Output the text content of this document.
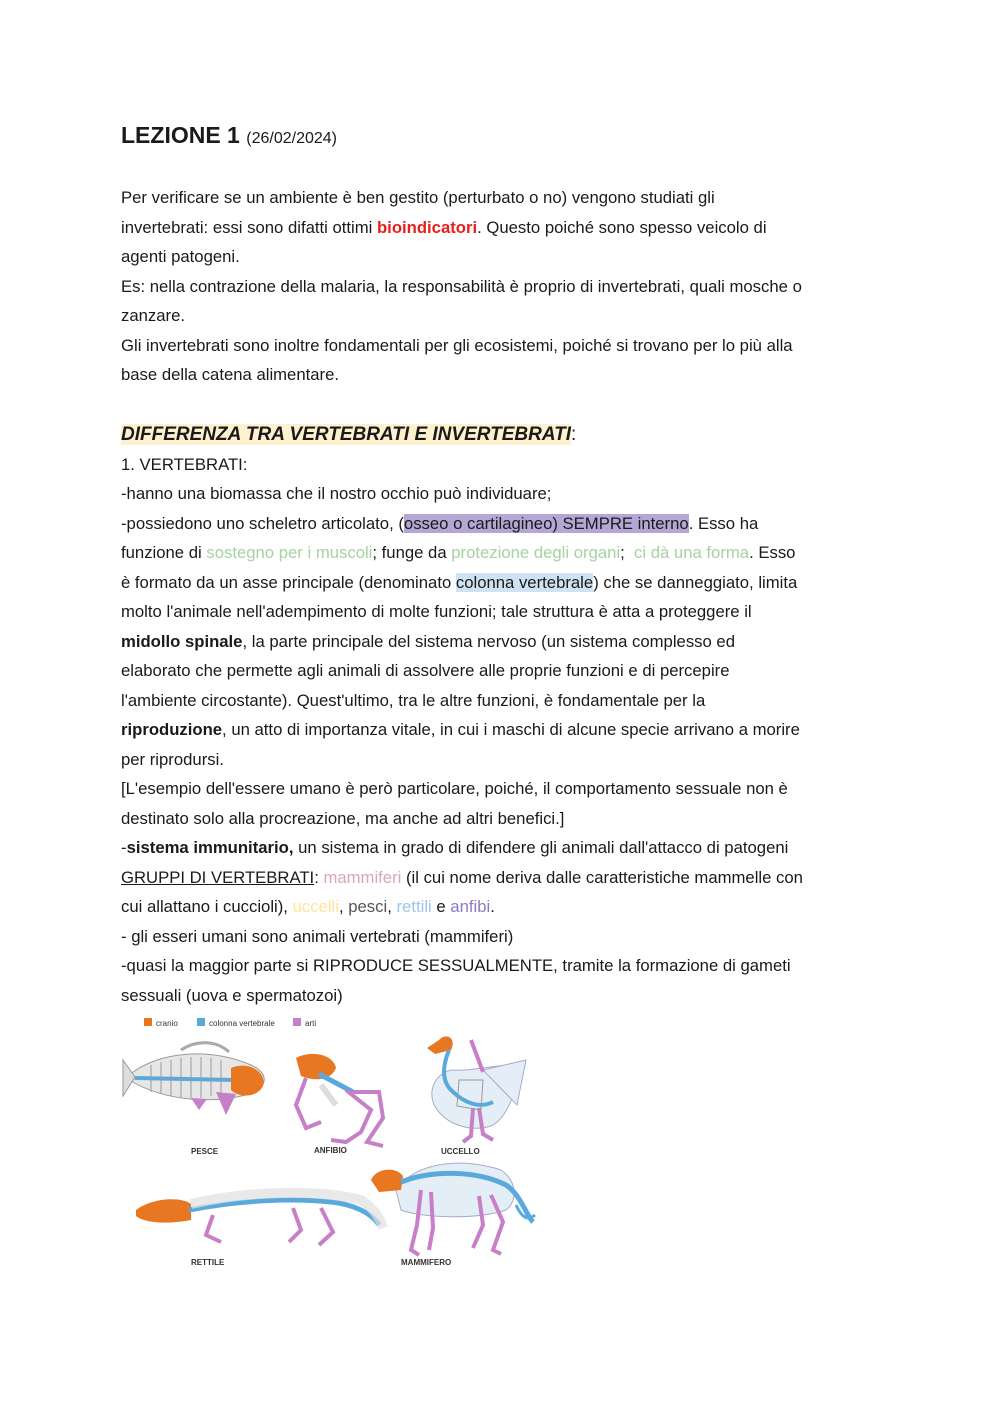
LEZIONE 1 (26/02/2024)

Per verificare se un ambiente è ben gestito (perturbato o no) vengono studiati gli

invertebrati: essi sono difatti ottimi bioindicatori. Questo poiché sono spesso veicolo di

agenti patogeni.

Es: nella contrazione della malaria, la responsabilità è proprio di invertebrati, quali mosche o

zanzare.

Gli invertebrati sono inoltre fondamentali per gli ecosistemi, poiché si trovano per lo più alla

base della catena alimentare.

DIFFERENZA TRA VERTEBRATI E INVERTEBRATI:

1. VERTEBRATI:

-hanno una biomassa che il nostro occhio può individuare;

-possiedono uno scheletro articolato, (osseo o cartilagineo) SEMPRE interno. Esso ha

funzione di sostegno per i muscoli; funge da protezione degli organi;  ci dà una forma. Esso

è formato da un asse principale (denominato colonna vertebrale) che se danneggiato, limita

molto l'animale nell'adempimento di molte funzioni; tale struttura è atta a proteggere il

midollo spinale, la parte principale del sistema nervoso (un sistema complesso ed

elaborato che permette agli animali di assolvere alle proprie funzioni e di percepire

l'ambiente circostante). Quest'ultimo, tra le altre funzioni, è fondamentale per la

riproduzione, un atto di importanza vitale, in cui i maschi di alcune specie arrivano a morire

per riprodursi.

[L'esempio dell'essere umano è però particolare, poiché, il comportamento sessuale non è

destinato solo alla procreazione, ma anche ad altri benefici.]

-sistema immunitario, un sistema in grado di difendere gli animali dall'attacco di patogeni

GRUPPI DI VERTEBRATI: mammiferi (il cui nome deriva dalle caratteristiche mammelle con

cui allattano i cuccioli), uccelli, pesci, rettili e anfibi.

- gli esseri umani sono animali vertebrati (mammiferi)

-quasi la maggior parte si RIPRODUCE SESSUALMENTE, tramite la formazione di gameti

sessuali (uova e spermatozoi)

cranio	colonna vertebrale	arti
PESCE	ANFIBIO	UCCELLO
RETTILE	MAMMIFERO
